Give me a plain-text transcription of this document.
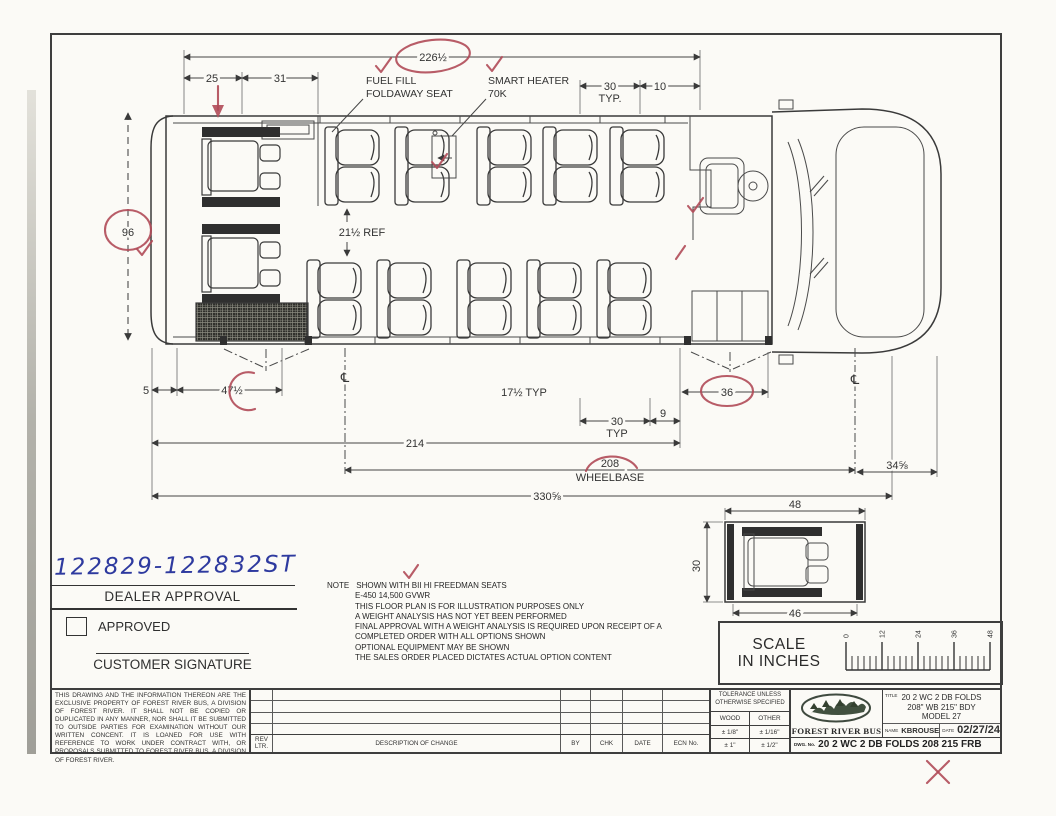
122829-122832ST
DEALER APPROVAL
APPROVED
CUSTOMER SIGNATURE
NOTE SHOWN WITH BII HI FREEDMAN SEATS
E-450 14,500 GVWR
THIS FLOOR PLAN IS FOR ILLUSTRATION PURPOSES ONLY
A WEIGHT ANALYSIS HAS NOT YET BEEN PERFORMED
FINAL APPROVAL WITH A WEIGHT ANALYSIS IS REQUIRED UPON RECEIPT OF A
COMPLETED ORDER WITH ALL OPTIONS SHOWN
OPTIONAL EQUIPMENT MAY BE SHOWN
THE SALES ORDER PLACED DICTATES ACTUAL OPTION CONTENT
SCALE
IN INCHES
0	12	24	36	48
THIS DRAWING AND THE INFORMATION THEREON ARE THE EXCLUSIVE PROPERTY OF FOREST RIVER BUS, A DIVISION OF FOREST RIVER. IT SHALL NOT BE COPIED OR DUPLICATED IN ANY MANNER, NOR SHALL IT BE SUBMITTED TO OUTSIDE PARTIES FOR EXAMINATION WITHOUT OUR WRITTEN CONCENT. IT IS LOANED FOR USE WITH REFERENCE TO WORK UNDER CONTRACT WITH, OR PROPOSALS SUBMITTED TO FOREST RIVER BUS, A DIVISION OF FOREST RIVER.
REV
LTR.	DESCRIPTION OF CHANGE	BY	CHK	DATE	ECN No.
TOLERANCE UNLESS
OTHERWISE SPECIFIED
WOOD	OTHER
± 1/8"	± 1/16"
± 1"	± 1/2"
FOREST RIVER BUS
TITLE 20 2 WC 2 DB FOLDS
208" WB 215" BDY
MODEL 27
NAME KBROUSE DATE 02/27/24
DWG. No. 20 2 WC 2 DB FOLDS 208 215 FRB
226½
25	31
30
TYP.
10
FUEL FILL
FOLDAWAY SEAT
SMART HEATER
70K
96	21½ REF
5	47½	17½ TYP
30
TYP
9
36
214
208
WHEELBASE
330⅝
34⅝
℄	℄
48
30
46
